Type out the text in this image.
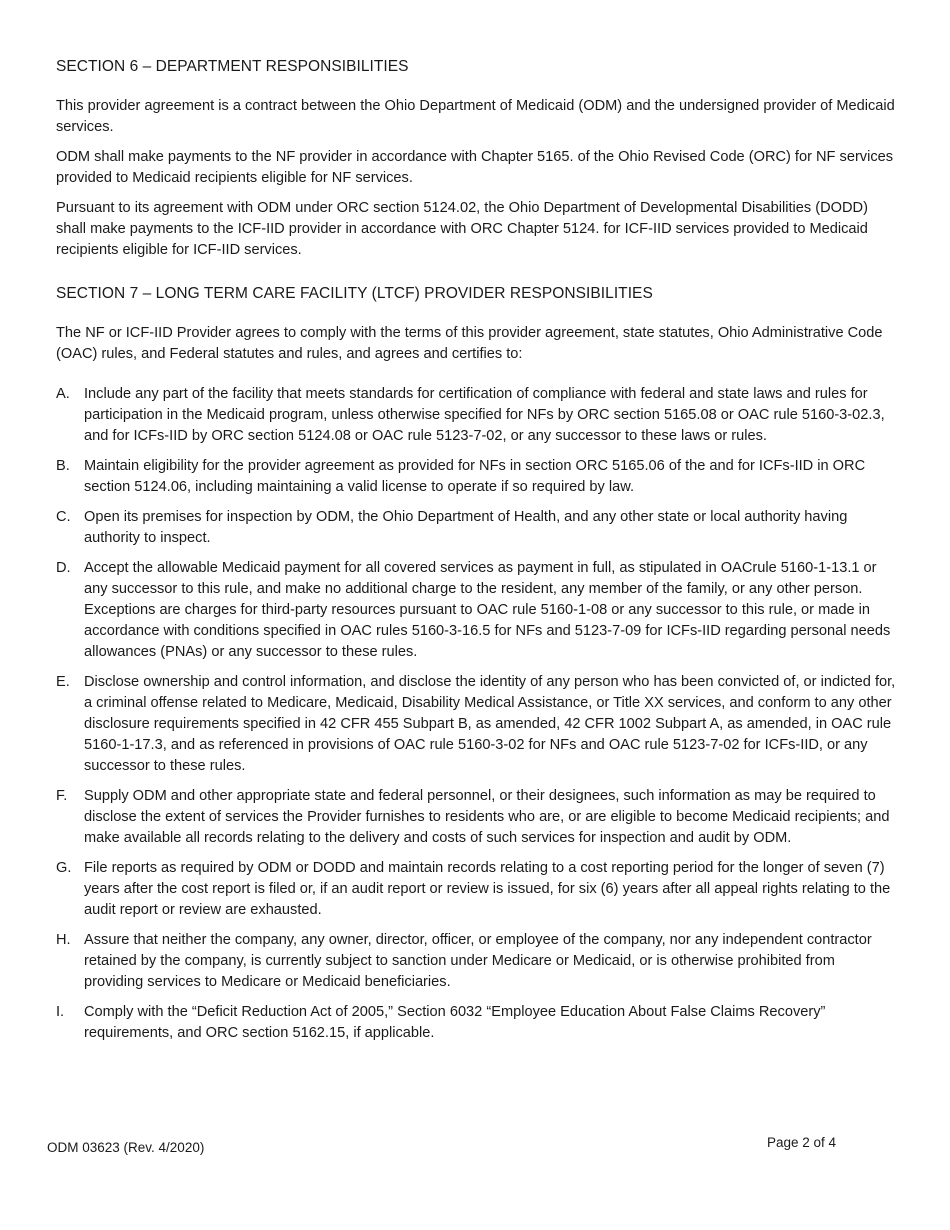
SECTION 6 – DEPARTMENT RESPONSIBILITIES

This provider agreement is a contract between the Ohio Department of Medicaid (ODM) and the undersigned provider of Medicaid services.

ODM shall make payments to the NF provider in accordance with Chapter 5165. of the Ohio Revised Code (ORC) for NF services provided to Medicaid recipients eligible for NF services.

Pursuant to its agreement with ODM under ORC section 5124.02, the Ohio Department of Developmental Disabilities (DODD) shall make payments to the ICF-IID provider in accordance with ORC Chapter 5124. for ICF-IID services provided to Medicaid recipients eligible for ICF-IID services.

SECTION 7 – LONG TERM CARE FACILITY (LTCF) PROVIDER RESPONSIBILITIES

The NF or ICF-IID Provider agrees to comply with the terms of this provider agreement, state statutes, Ohio Administrative Code (OAC) rules, and Federal statutes and rules, and agrees and certifies to:

A. Include any part of the facility that meets standards for certification of compliance with federal and state laws and rules for participation in the Medicaid program, unless otherwise specified for NFs by ORC section 5165.08 or OAC rule 5160-3-02.3, and for ICFs-IID by ORC section 5124.08 or OAC rule 5123-7-02, or any successor to these laws or rules.
B. Maintain eligibility for the provider agreement as provided for NFs in section ORC 5165.06 of the and for ICFs-IID in ORC section 5124.06, including maintaining a valid license to operate if so required by law.
C. Open its premises for inspection by ODM, the Ohio Department of Health, and any other state or local authority having authority to inspect.
D. Accept the allowable Medicaid payment for all covered services as payment in full, as stipulated in OACrule 5160-1-13.1 or any successor to this rule, and make no additional charge to the resident, any member of the family, or any other person. Exceptions are charges for third-party resources pursuant to OAC rule 5160-1-08 or any successor to this rule, or made in accordance with conditions specified in OAC rules 5160-3-16.5 for NFs and 5123-7-09 for ICFs-IID regarding personal needs allowances (PNAs) or any successor to these rules.
E. Disclose ownership and control information, and disclose the identity of any person who has been convicted of, or indicted for, a criminal offense related to Medicare, Medicaid, Disability Medical Assistance, or Title XX services, and conform to any other disclosure requirements specified in 42 CFR 455 Subpart B, as amended, 42 CFR 1002 Subpart A, as amended, in OAC rule 5160-1-17.3, and as referenced in provisions of OAC rule 5160-3-02 for NFs and OAC rule 5123-7-02 for ICFs-IID, or any successor to these rules.
F. Supply ODM and other appropriate state and federal personnel, or their designees, such information as may be required to disclose the extent of services the Provider furnishes to residents who are, or are eligible to become Medicaid recipients; and make available all records relating to the delivery and costs of such services for inspection and audit by ODM.
G. File reports as required by ODM or DODD and maintain records relating to a cost reporting period for the longer of seven (7) years after the cost report is filed or, if an audit report or review is issued, for six (6) years after all appeal rights relating to the audit report or review are exhausted.
H. Assure that neither the company, any owner, director, officer, or employee of the company, nor any independent contractor retained by the company, is currently subject to sanction under Medicare or Medicaid, or is otherwise prohibited from providing services to Medicare or Medicaid beneficiaries.
I. Comply with the “Deficit Reduction Act of 2005,” Section 6032 “Employee Education About False Claims Recovery” requirements, and ORC section 5162.15, if applicable.
ODM 03623 (Rev. 4/2020)	Page 2 of 4
